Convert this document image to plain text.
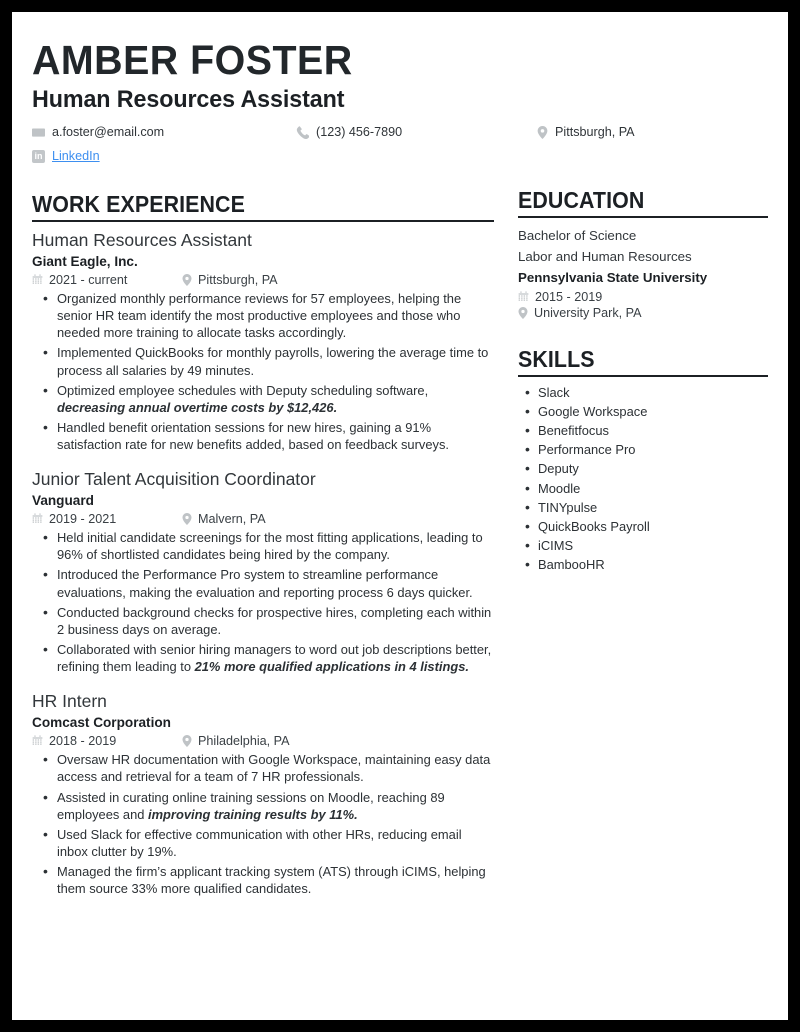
AMBER FOSTER
Human Resources Assistant
a.foster@email.com	(123) 456-7890	Pittsburgh, PA
in LinkedIn
WORK EXPERIENCE
Human Resources Assistant
Giant Eagle, Inc.
2021 - current	Pittsburgh, PA
• Organized monthly performance reviews for 57 employees, helping the senior HR team identify the most productive employees and those who needed more training to allocate tasks accordingly.
• Implemented QuickBooks for monthly payrolls, lowering the average time to process all salaries by 49 minutes.
• Optimized employee schedules with Deputy scheduling software, decreasing annual overtime costs by $12,426.
• Handled benefit orientation sessions for new hires, gaining a 91% satisfaction rate for new benefits added, based on feedback surveys.
Junior Talent Acquisition Coordinator
Vanguard
2019 - 2021	Malvern, PA
• Held initial candidate screenings for the most fitting applications, leading to 96% of shortlisted candidates being hired by the company.
• Introduced the Performance Pro system to streamline performance evaluations, making the evaluation and reporting process 6 days quicker.
• Conducted background checks for prospective hires, completing each within 2 business days on average.
• Collaborated with senior hiring managers to word out job descriptions better, refining them leading to 21% more qualified applications in 4 listings.
HR Intern
Comcast Corporation
2018 - 2019	Philadelphia, PA
• Oversaw HR documentation with Google Workspace, maintaining easy data access and retrieval for a team of 7 HR professionals.
• Assisted in curating online training sessions on Moodle, reaching 89 employees and improving training results by 11%.
• Used Slack for effective communication with other HRs, reducing email inbox clutter by 19%.
• Managed the firm’s applicant tracking system (ATS) through iCIMS, helping them source 33% more qualified candidates.
EDUCATION
Bachelor of Science
Labor and Human Resources
Pennsylvania State University
2015 - 2019
University Park, PA
SKILLS
• Slack
• Google Workspace
• Benefitfocus
• Performance Pro
• Deputy
• Moodle
• TINYpulse
• QuickBooks Payroll
• iCIMS
• BambooHR
